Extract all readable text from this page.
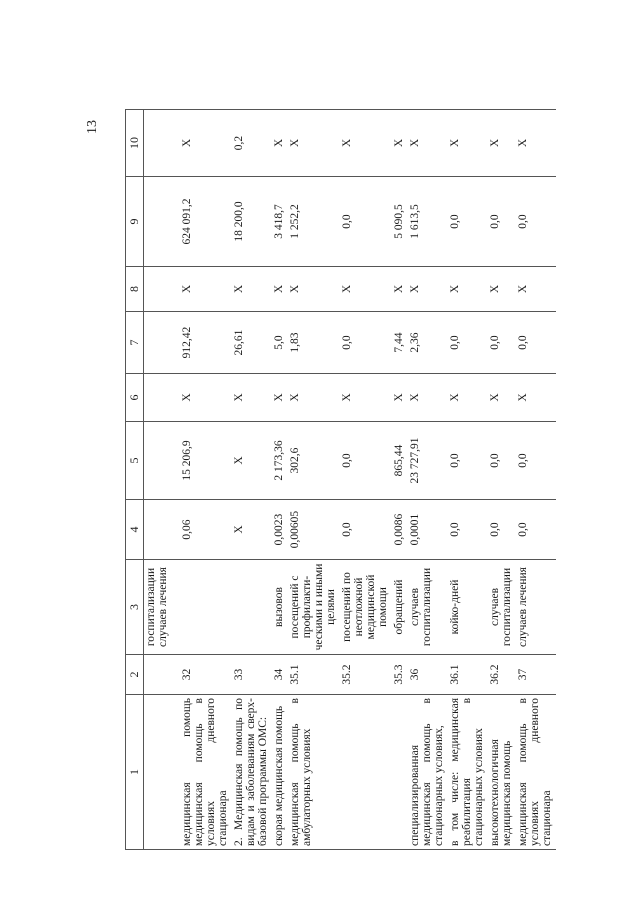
13
1	2	3	4	5	6	7	8	9	10

медицинская помощь медицинская помощь в условиях дневного стационара	32	госпитализации случаев лечения	0,06	15 206,9	X	912,42	X	624 091,2	X
2. Медицинская помощь по видам и заболеваниям сверх-базовой программы ОМС:	33		X	X	X	26,61	X	18 200,0	0,2
скорая медицинская помощь	34	вызовов	0,0023	2 173,36	X	5,0	X	3 418,7	X
медицинская помощь в амбулаторных условиях	35.1	посещений с профилакти-ческими и иными целями	0,00605	302,6	X	1,83	X	1 252,2	X
	35.2	посещений по неотложной медицинской помощи	0,0	0,0	X	0,0	X	0,0	X
	35.3	обращений	0,0086	865,44	X	7,44	X	5 090,5	X
специализированная медицинская помощь в стационарных условиях,	36	случаев госпитализации	0,0001	23 727,91	X	2,36	X	1 613,5	X
в том числе: медицинская реабилитация в стационарных условиях	36.1	койко-дней	0,0	0,0	X	0,0	X	0,0	X
высокотехнологичная медицинская помощь	36.2	случаев госпитализации	0,0	0,0	X	0,0	X	0,0	X
медицинская помощь в условиях дневного стационара	37	случаев лечения	0,0	0,0	X	0,0	X	0,0	X
